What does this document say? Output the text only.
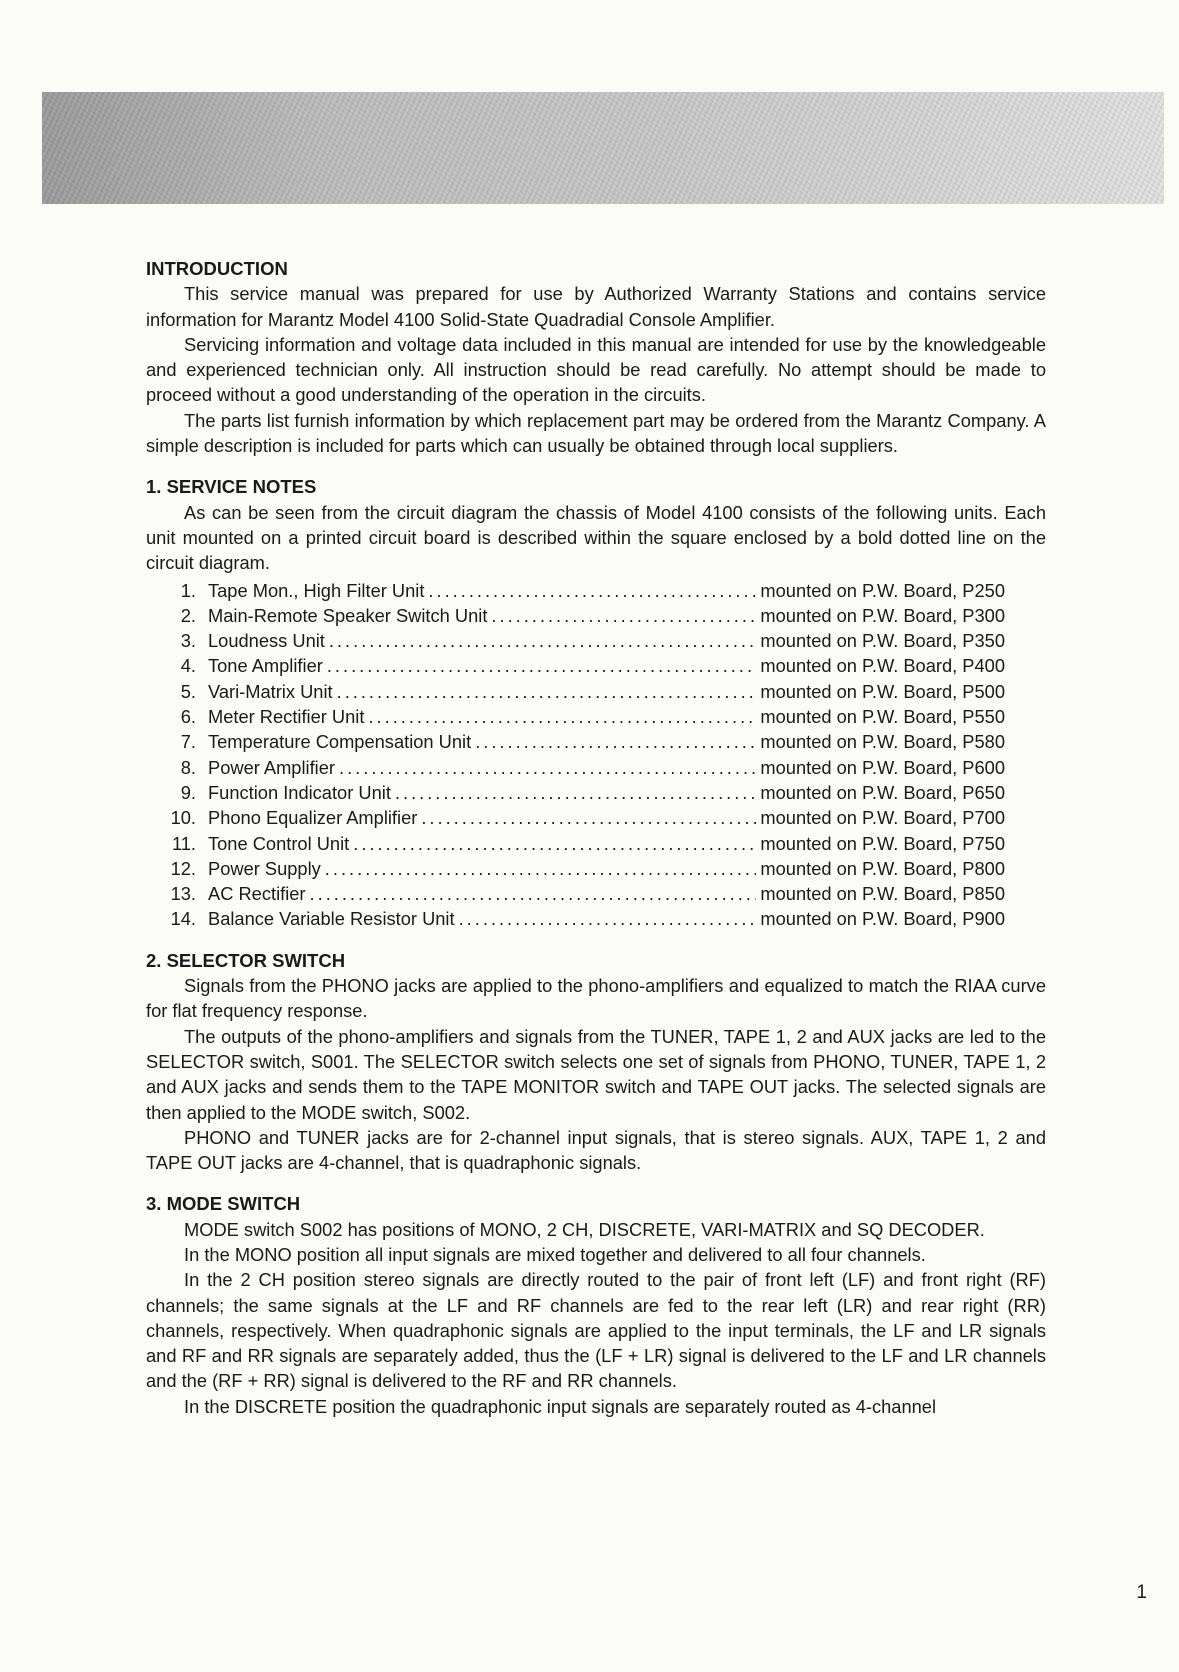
INTRODUCTION

This service manual was prepared for use by Authorized Warranty Stations and contains service information for Marantz Model 4100 Solid-State Quadradial Console Amplifier.

Servicing information and voltage data included in this manual are intended for use by the knowledgeable and experienced technician only. All instruction should be read carefully. No attempt should be made to proceed without a good understanding of the operation in the circuits.

The parts list furnish information by which replacement part may be ordered from the Marantz Company. A simple description is included for parts which can usually be obtained through local suppliers.

1. SERVICE NOTES

As can be seen from the circuit diagram the chassis of Model 4100 consists of the following units. Each unit mounted on a printed circuit board is described within the square enclosed by a bold dotted line on the circuit diagram.

1. Tape Mon., High Filter Unit .....	mounted on P.W. Board, P250
2. Main-Remote Speaker Switch Unit .....	mounted on P.W. Board, P300
3. Loudness Unit .....	mounted on P.W. Board, P350
4. Tone Amplifier .....	mounted on P.W. Board, P400
5. Vari-Matrix Unit .....	mounted on P.W. Board, P500
6. Meter Rectifier Unit .....	mounted on P.W. Board, P550
7. Temperature Compensation Unit .....	mounted on P.W. Board, P580
8. Power Amplifier .....	mounted on P.W. Board, P600
9. Function Indicator Unit .....	mounted on P.W. Board, P650
10. Phono Equalizer Amplifier .....	mounted on P.W. Board, P700
11. Tone Control Unit .....	mounted on P.W. Board, P750
12. Power Supply .....	mounted on P.W. Board, P800
13. AC Rectifier .....	mounted on P.W. Board, P850
14. Balance Variable Resistor Unit .....	mounted on P.W. Board, P900
2. SELECTOR SWITCH

Signals from the PHONO jacks are applied to the phono-amplifiers and equalized to match the RIAA curve for flat frequency response.

The outputs of the phono-amplifiers and signals from the TUNER, TAPE 1, 2 and AUX jacks are led to the SELECTOR switch, S001. The SELECTOR switch selects one set of signals from PHONO, TUNER, TAPE 1, 2 and AUX jacks and sends them to the TAPE MONITOR switch and TAPE OUT jacks. The selected signals are then applied to the MODE switch, S002.

PHONO and TUNER jacks are for 2-channel input signals, that is stereo signals. AUX, TAPE 1, 2 and TAPE OUT jacks are 4-channel, that is quadraphonic signals.

3. MODE SWITCH

MODE switch S002 has positions of MONO, 2 CH, DISCRETE, VARI-MATRIX and SQ DECODER.

In the MONO position all input signals are mixed together and delivered to all four channels.

In the 2 CH position stereo signals are directly routed to the pair of front left (LF) and front right (RF) channels; the same signals at the LF and RF channels are fed to the rear left (LR) and rear right (RR) channels, respectively. When quadraphonic signals are applied to the input terminals, the LF and LR signals and RF and RR signals are separately added, thus the (LF + LR) signal is delivered to the LF and LR channels and the (RF + RR) signal is delivered to the RF and RR channels.

In the DISCRETE position the quadraphonic input signals are separately routed as 4-channel

1
